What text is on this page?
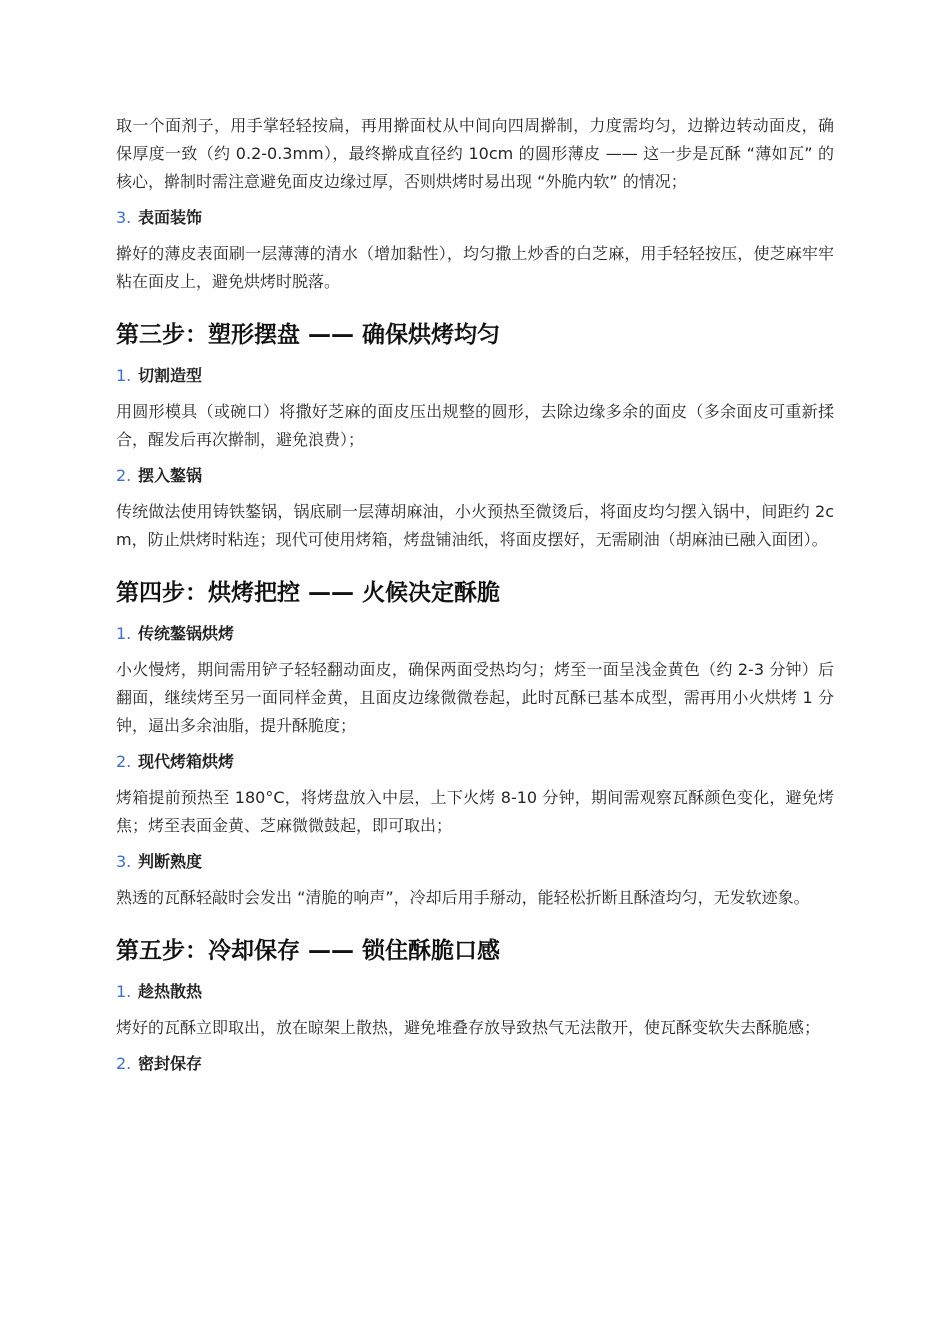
取一个面剂子，用手掌轻轻按扁，再用擀面杖从中间向四周擀制，力度需均匀，边擀边转动面皮，确保厚度一致（约 0.2-0.3mm），最终擀成直径约 10cm 的圆形薄皮 —— 这一步是瓦酥 “薄如瓦” 的核心，擀制时需注意避免面皮边缘过厚，否则烘烤时易出现 “外脆内软” 的情况；

3. 表面装饰

擀好的薄皮表面刷一层薄薄的清水（增加黏性），均匀撒上炒香的白芝麻，用手轻轻按压，使芝麻牢牢粘在面皮上，避免烘烤时脱落。

第三步：塑形摆盘 —— 确保烘烤均匀
1. 切割造型

用圆形模具（或碗口）将撒好芝麻的面皮压出规整的圆形，去除边缘多余的面皮（多余面皮可重新揉合，醒发后再次擀制，避免浪费）；

2. 摆入鏊锅

传统做法使用铸铁鏊锅，锅底刷一层薄胡麻油，小火预热至微烫后，将面皮均匀摆入锅中，间距约 2cm，防止烘烤时粘连；现代可使用烤箱，烤盘铺油纸，将面皮摆好，无需刷油（胡麻油已融入面团）。

第四步：烘烤把控 —— 火候决定酥脆
1. 传统鏊锅烘烤

小火慢烤，期间需用铲子轻轻翻动面皮，确保两面受热均匀；烤至一面呈浅金黄色（约 2-3 分钟）后翻面，继续烤至另一面同样金黄，且面皮边缘微微卷起，此时瓦酥已基本成型，需再用小火烘烤 1 分钟，逼出多余油脂，提升酥脆度；

2. 现代烤箱烘烤

烤箱提前预热至 180°C，将烤盘放入中层，上下火烤 8-10 分钟，期间需观察瓦酥颜色变化，避免烤焦；烤至表面金黄、芝麻微微鼓起，即可取出；

3. 判断熟度

熟透的瓦酥轻敲时会发出 “清脆的响声”，冷却后用手掰动，能轻松折断且酥渣均匀，无发软迹象。

第五步：冷却保存 —— 锁住酥脆口感
1. 趁热散热

烤好的瓦酥立即取出，放在晾架上散热，避免堆叠存放导致热气无法散开，使瓦酥变软失去酥脆感；

2. 密封保存
